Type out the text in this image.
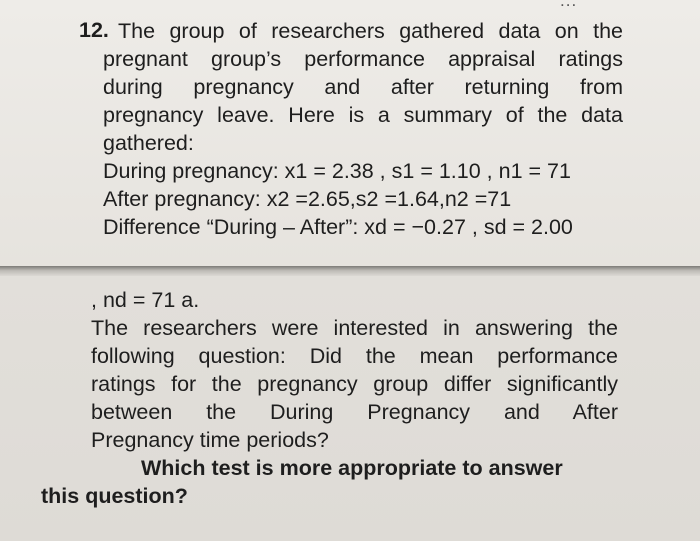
...
12. The group of researchers gathered data on the
pregnant group’s performance appraisal ratings
during pregnancy and after returning from
pregnancy leave. Here is a summary of the data
gathered:
During pregnancy: x1 = 2.38 , s1 = 1.10 , n1 = 71
After pregnancy: x2 =2.65,s2 =1.64,n2 =71
Difference “During – After”: xd = −0.27 , sd = 2.00
, nd = 71 a.
The researchers were interested in answering the
following question: Did the mean performance
ratings for the pregnancy group differ significantly
between the During Pregnancy and After
Pregnancy time periods?
Which test is more appropriate to answer
this question?
